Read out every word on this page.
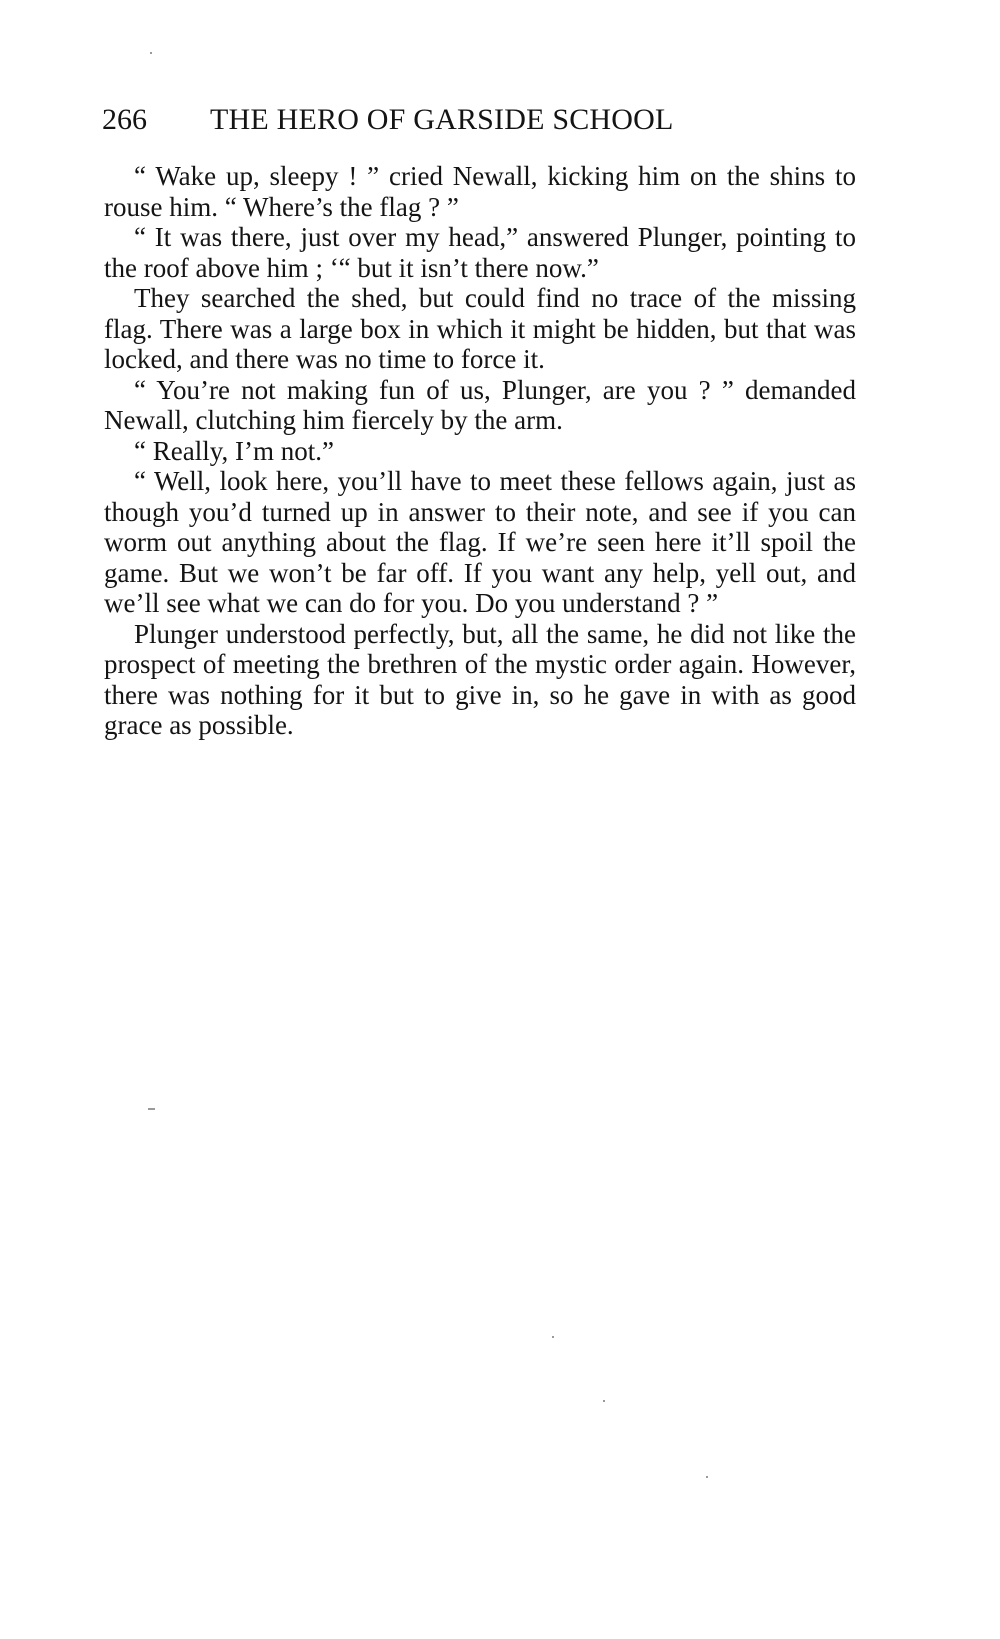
266 THE HERO OF GARSIDE SCHOOL

“ Wake up, sleepy ! ” cried Newall, kicking him on the shins to rouse him. “ Where’s the flag ? ”

“ It was there, just over my head,” answered Plunger, pointing to the roof above him ; ‘“ but it isn’t there now.”

They searched the shed, but could find no trace of the missing flag. There was a large box in which it might be hidden, but that was locked, and there was no time to force it.

“ You’re not making fun of us, Plunger, are you ? ” demanded Newall, clutching him fiercely by the arm.

“ Really, I’m not.”

“ Well, look here, you’ll have to meet these fellows again, just as though you’d turned up in answer to their note, and see if you can worm out anything about the flag. If we’re seen here it’ll spoil the game. But we won’t be far off. If you want any help, yell out, and we’ll see what we can do for you. Do you understand ? ”

Plunger understood perfectly, but, all the same, he did not like the prospect of meeting the brethren of the mystic order again. However, there was nothing for it but to give in, so he gave in with as good grace as possible.
